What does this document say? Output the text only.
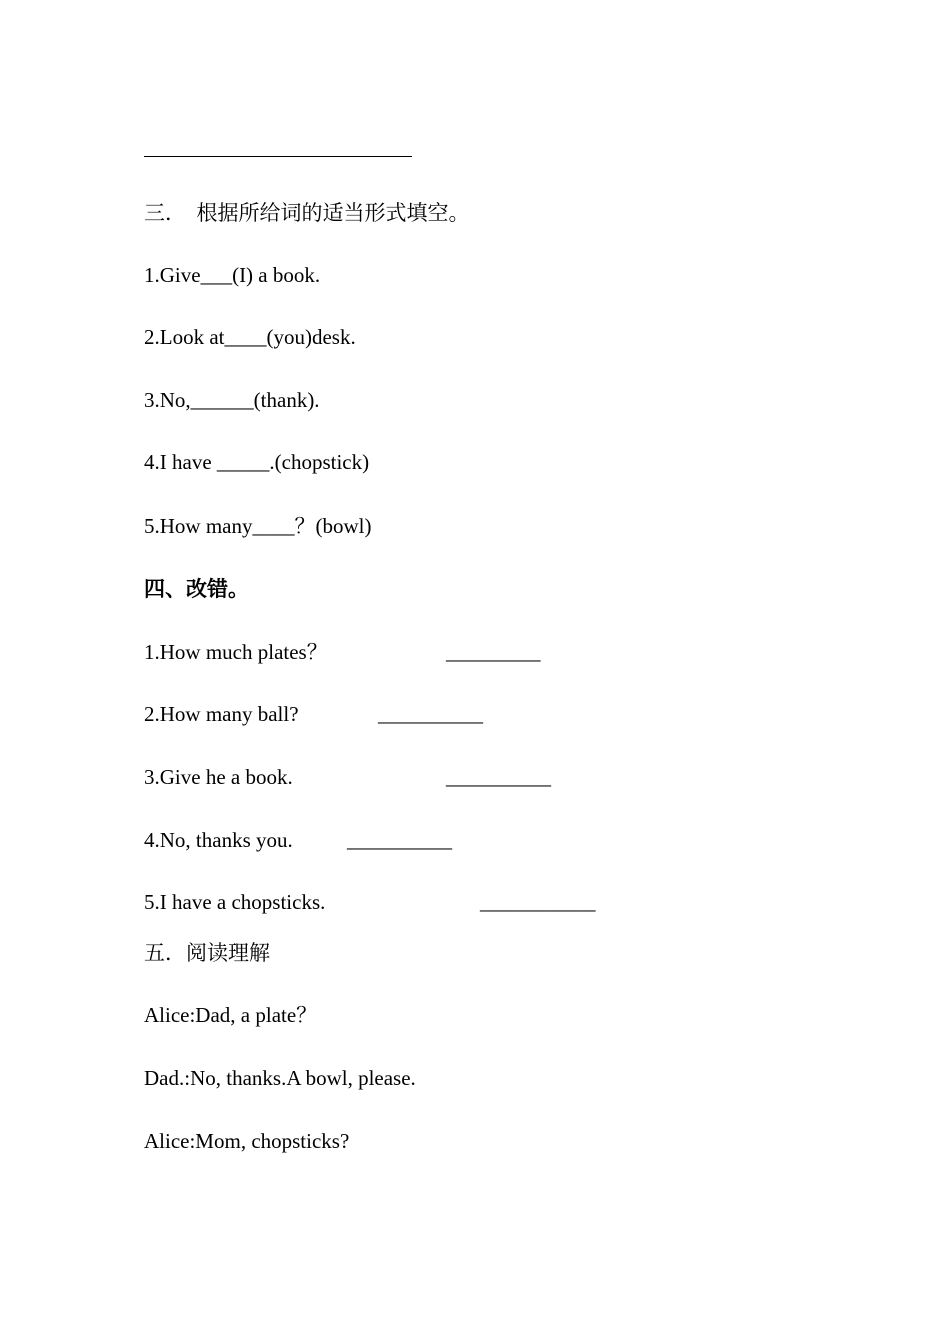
三．  根据所给词的适当形式填空。
1.Give___(I) a book.
2.Look at____(you)desk.
3.No,______(thank).
4.I have _____.(chopstick)
5.How many____？(bowl)
四、改错。
1.How much plates？	_________
2.How many ball?	__________
3.Give he a book.	__________
4.No, thanks you.	__________
5.I have a chopsticks.	___________
五．阅读理解
Alice:Dad, a plate？
Dad.:No, thanks.A bowl, please.
Alice:Mom, chopsticks?
